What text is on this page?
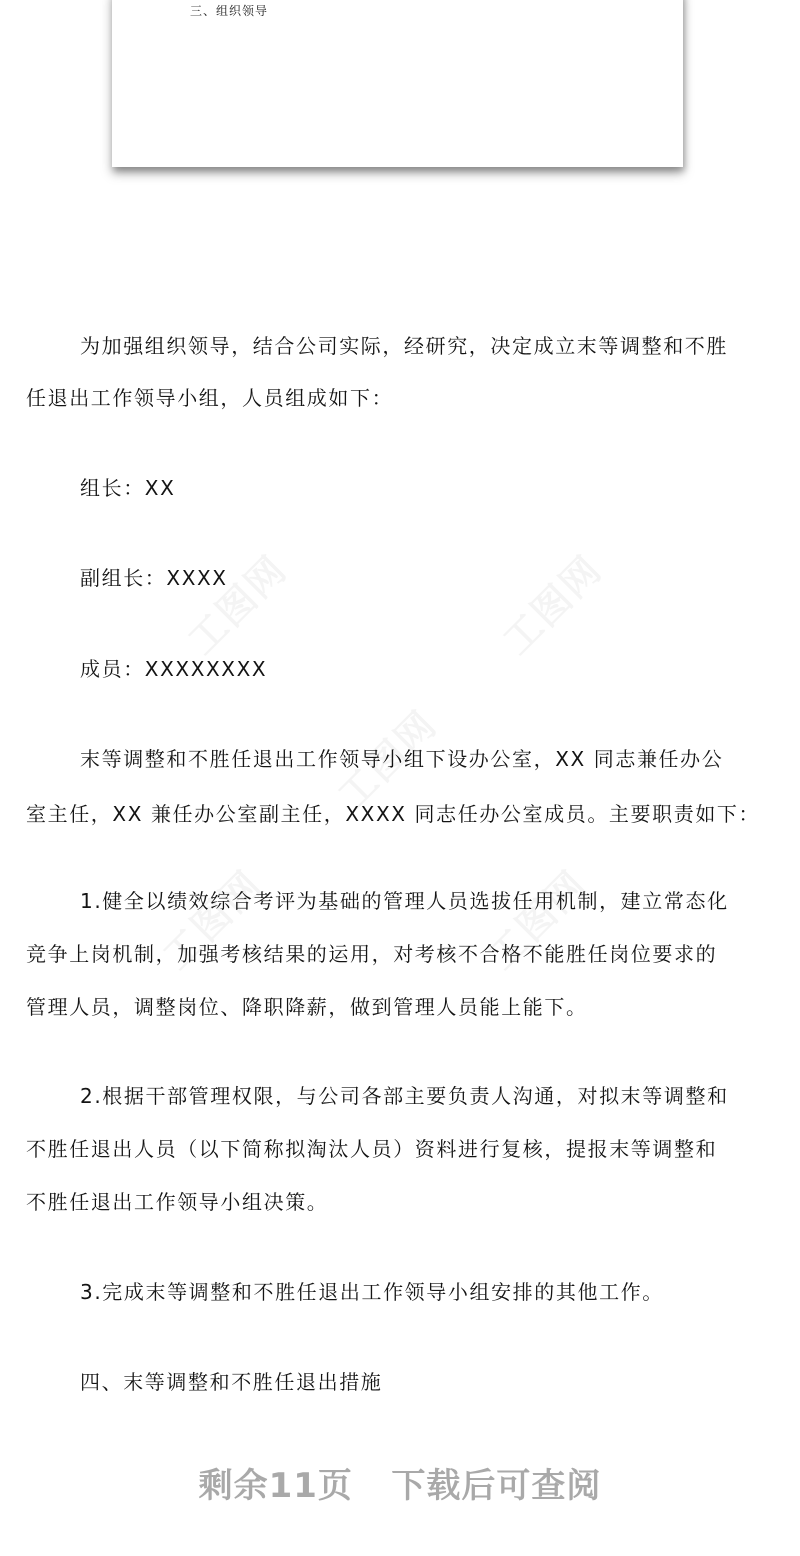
三、组织领导
为加强组织领导，结合公司实际，经研究，决定成立末等调整和不胜
任退出工作领导小组，人员组成如下：
组长：XX
副组长：XXXX
成员：XXXXXXXX
末等调整和不胜任退出工作领导小组下设办公室，XX 同志兼任办公
室主任，XX 兼任办公室副主任，XXXX 同志任办公室成员。主要职责如下：
1.健全以绩效综合考评为基础的管理人员选拔任用机制，建立常态化
竞争上岗机制，加强考核结果的运用，对考核不合格不能胜任岗位要求的
管理人员，调整岗位、降职降薪，做到管理人员能上能下。
2.根据干部管理权限，与公司各部主要负责人沟通，对拟末等调整和
不胜任退出人员（以下简称拟淘汰人员）资料进行复核，提报末等调整和
不胜任退出工作领导小组决策。
3.完成末等调整和不胜任退出工作领导小组安排的其他工作。
四、末等调整和不胜任退出措施
剩余11页   下载后可查阅
